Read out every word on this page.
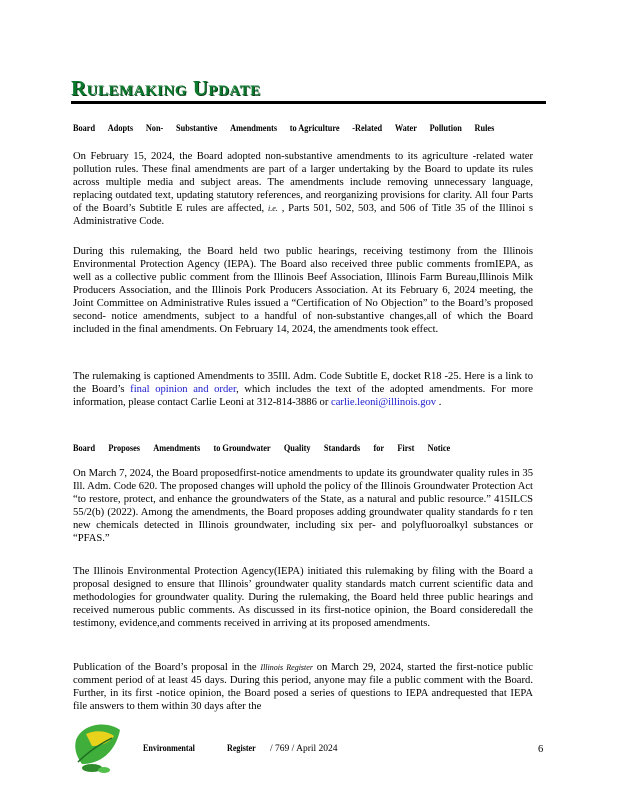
Rulemaking Update
Board Adopts Non- Substantive Amendments to Agriculture -Related Water Pollution Rules

On February 15, 2024, the Board adopted non-substantive amendments to its agriculture -related water pollution rules. These final amendments are part of a larger undertaking by the Board to update its rules across multiple media and subject areas. The amendments include removing unnecessary language, replacing outdated text, updating statutory references, and reorganizing provisions for clarity. All four Parts of the Board’s Subtitle E rules are affected, i.e. , Parts 501, 502, 503, and 506 of Title 35 of the Illinoi s Administrative Code.

During this rulemaking, the Board held two public hearings, receiving testimony from the Illinois Environmental Protection Agency (IEPA). The Board also received three public comments fromIEPA, as well as a collective public comment from the Illinois Beef Association, Illinois Farm Bureau,Illinois Milk Producers Association, and the Illinois Pork Producers Association. At its February 6, 2024 meeting, the Joint Committee on Administrative Rules issued a “Certification of No Objection” to the Board’s proposed second- notice amendments, subject to a handful of non-substantive changes,all of which the Board included in the final amendments. On February 14, 2024, the amendments took effect.

The rulemaking is captioned Amendments to 35Ill. Adm. Code Subtitle E, docket R18 -25. Here is a link to the Board’s final opinion and order, which includes the text of the adopted amendments. For more information, please contact Carlie Leoni at 312-814-3886 or carlie.leoni@illinois.gov .

Board Proposes Amendments to Groundwater Quality Standards for First Notice

On March 7, 2024, the Board proposedfirst-notice amendments to update its groundwater quality rules in 35 Ill. Adm. Code 620. The proposed changes will uphold the policy of the Illinois Groundwater Protection Act “to restore, protect, and enhance the groundwaters of the State, as a natural and public resource.” 415ILCS 55/2(b) (2022). Among the amendments, the Board proposes adding groundwater quality standards fo r ten new chemicals detected in Illinois groundwater, including six per- and polyfluoroalkyl substances or “PFAS.”

The Illinois Environmental Protection Agency(IEPA) initiated this rulemaking by filing with the Board a proposal designed to ensure that Illinois’ groundwater quality standards match current scientific data and methodologies for groundwater quality. During the rulemaking, the Board held three public hearings and received numerous public comments. As discussed in its first-notice opinion, the Board consideredall the testimony, evidence,and comments received in arriving at its proposed amendments.

Publication of the Board’s proposal in the Illinois Register on March 29, 2024, started the first-notice public comment period of at least 45 days. During this period, anyone may file a public comment with the Board. Further, in its first -notice opinion, the Board posed a series of questions to IEPA andrequested that IEPA file answers to them within 30 days after the

Environmental	Register / 769 / April 2024	6
